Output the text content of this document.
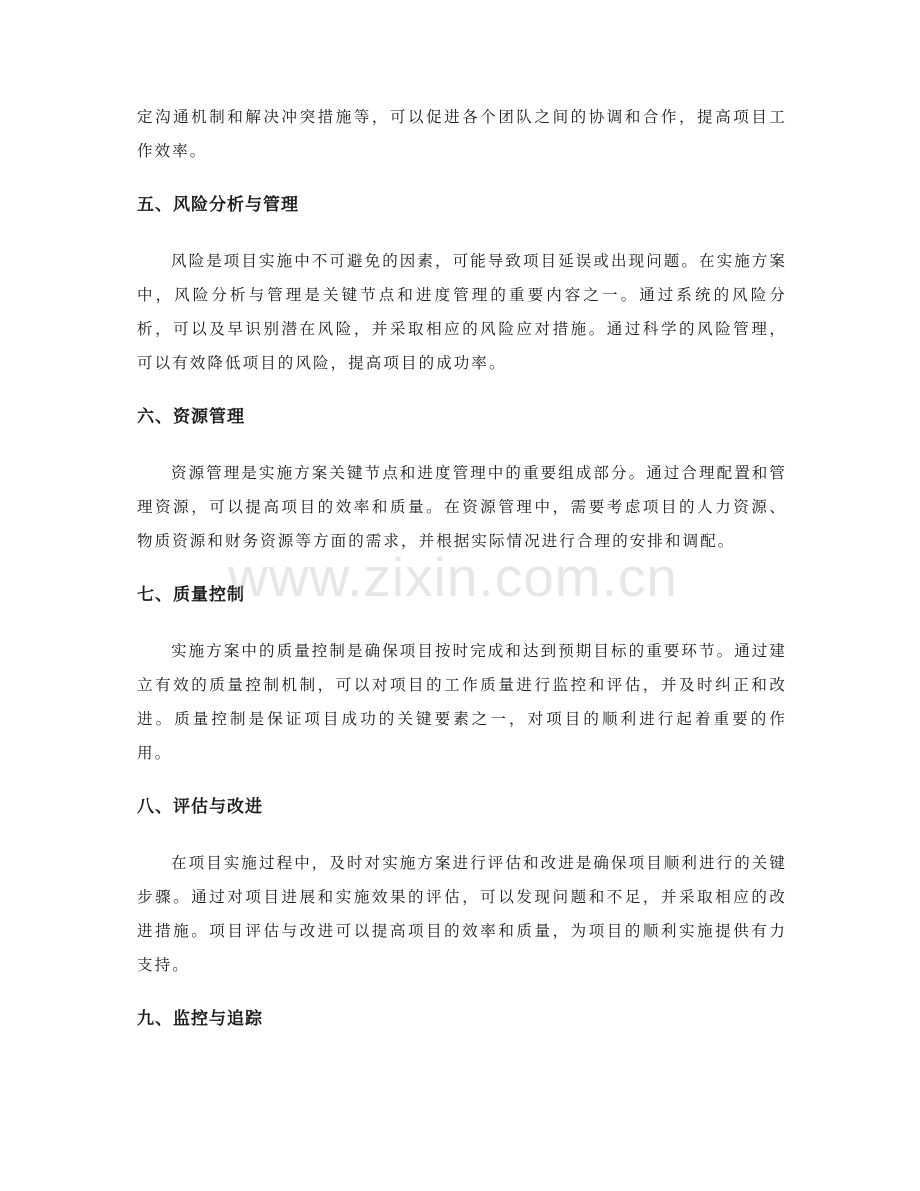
定沟通机制和解决冲突措施等，可以促进各个团队之间的协调和合作，提高项目工作效率。

五、风险分析与管理

风险是项目实施中不可避免的因素，可能导致项目延误或出现问题。在实施方案中，风险分析与管理是关键节点和进度管理的重要内容之一。通过系统的风险分析，可以及早识别潜在风险，并采取相应的风险应对措施。通过科学的风险管理，可以有效降低项目的风险，提高项目的成功率。

六、资源管理

资源管理是实施方案关键节点和进度管理中的重要组成部分。通过合理配置和管理资源，可以提高项目的效率和质量。在资源管理中，需要考虑项目的人力资源、物质资源和财务资源等方面的需求，并根据实际情况进行合理的安排和调配。

七、质量控制

实施方案中的质量控制是确保项目按时完成和达到预期目标的重要环节。通过建立有效的质量控制机制，可以对项目的工作质量进行监控和评估，并及时纠正和改进。质量控制是保证项目成功的关键要素之一，对项目的顺利进行起着重要的作用。

八、评估与改进

在项目实施过程中，及时对实施方案进行评估和改进是确保项目顺利进行的关键步骤。通过对项目进展和实施效果的评估，可以发现问题和不足，并采取相应的改进措施。项目评估与改进可以提高项目的效率和质量，为项目的顺利实施提供有力支持。

九、监控与追踪
www.zixin.com.cn
